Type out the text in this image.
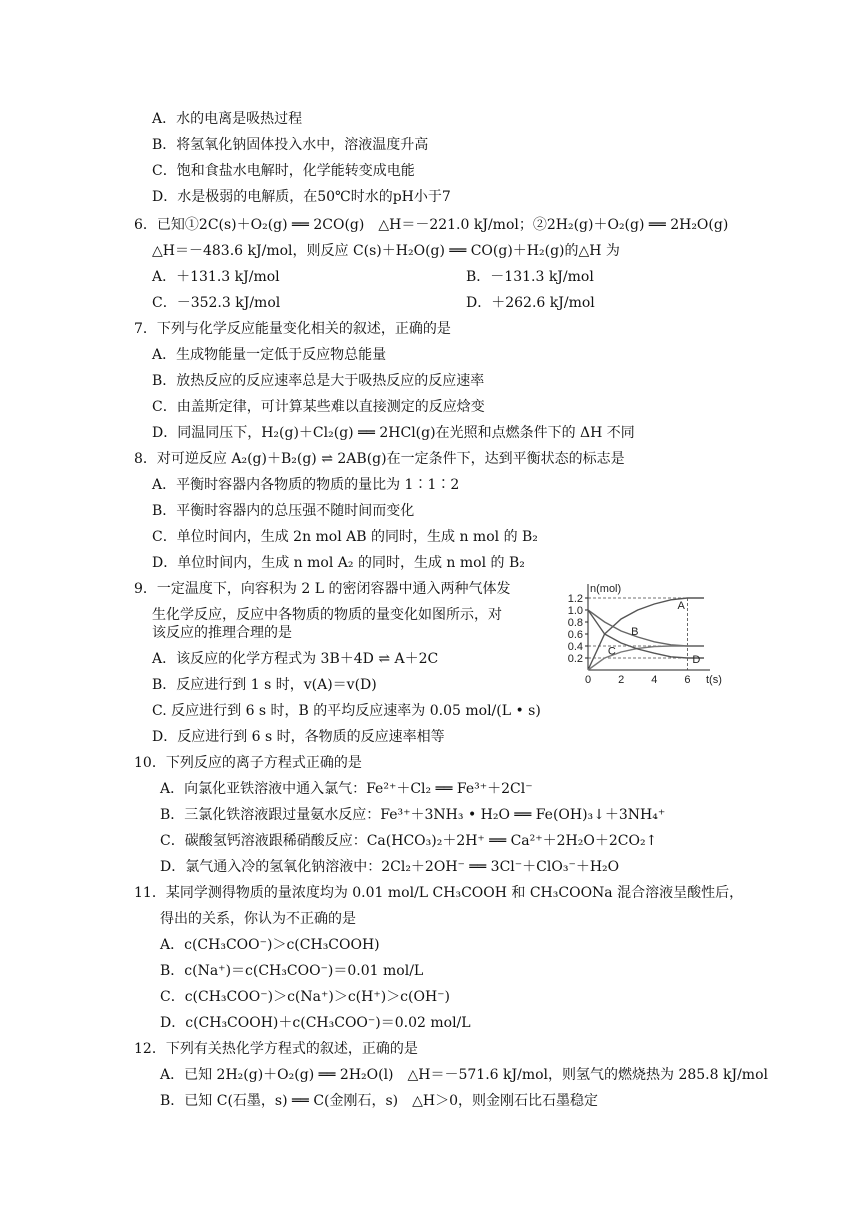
A．水的电离是吸热过程
B．将氢氧化钠固体投入水中，溶液温度升高
C．饱和食盐水电解时，化学能转变成电能
D．水是极弱的电解质，在50℃时水的pH小于7
6．已知①2C(s)＋O₂(g) ══ 2CO(g)　△H＝－221.0 kJ/mol；②2H₂(g)＋O₂(g) ══ 2H₂O(g)
△H＝－483.6 kJ/mol，则反应 C(s)＋H₂O(g) ══ CO(g)＋H₂(g)的△H 为
A．＋131.3 kJ/mol	B．－131.3 kJ/mol
C．－352.3 kJ/mol	D．＋262.6 kJ/mol
7．下列与化学反应能量变化相关的叙述，正确的是
A．生成物能量一定低于反应物总能量
B．放热反应的反应速率总是大于吸热反应的反应速率
C．由盖斯定律，可计算某些难以直接测定的反应焓变
D．同温同压下，H₂(g)＋Cl₂(g) ══ 2HCl(g)在光照和点燃条件下的 ΔH 不同
8．对可逆反应 A₂(g)＋B₂(g) ⇌ 2AB(g)在一定条件下，达到平衡状态的标志是
A．平衡时容器内各物质的物质的量比为 1∶1∶2
B．平衡时容器内的总压强不随时间而变化
C．单位时间内，生成 2n mol AB 的同时，生成 n mol 的 B₂
D．单位时间内，生成 n mol A₂ 的同时，生成 n mol 的 B₂
9．一定温度下，向容积为 2 L 的密闭容器中通入两种气体发
生化学反应，反应中各物质的物质的量变化如图所示，对
该反应的推理合理的是
A．该反应的化学方程式为 3B＋4D ⇌ A＋2C
B．反应进行到 1 s 时，v(A)＝v(D)
C. 反应进行到 6 s 时，B 的平均反应速率为 0.05 mol/(L • s)
D．反应进行到 6 s 时，各物质的反应速率相等
n(mol)
t(s)
1.2
1.0
0.8
0.6
0.4
0.2
0 2 4 6
A
B
C
D
10．下列反应的离子方程式正确的是
A．向氯化亚铁溶液中通入氯气：Fe²⁺＋Cl₂ ══ Fe³⁺＋2Cl⁻
B．三氯化铁溶液跟过量氨水反应：Fe³⁺＋3NH₃ • H₂O ══ Fe(OH)₃↓＋3NH₄⁺
C．碳酸氢钙溶液跟稀硝酸反应：Ca(HCO₃)₂＋2H⁺ ══ Ca²⁺＋2H₂O＋2CO₂↑
D．氯气通入冷的氢氧化钠溶液中：2Cl₂＋2OH⁻ ══ 3Cl⁻＋ClO₃⁻＋H₂O
11．某同学测得物质的量浓度均为 0.01 mol/L CH₃COOH 和 CH₃COONa 混合溶液呈酸性后，
得出的关系，你认为不正确的是
A．c(CH₃COO⁻)＞c(CH₃COOH)
B．c(Na⁺)＝c(CH₃COO⁻)＝0.01 mol/L
C．c(CH₃COO⁻)＞c(Na⁺)＞c(H⁺)＞c(OH⁻)
D．c(CH₃COOH)＋c(CH₃COO⁻)＝0.02 mol/L
12．下列有关热化学方程式的叙述，正确的是
A．已知 2H₂(g)＋O₂(g) ══ 2H₂O(l)　△H＝－571.6 kJ/mol，则氢气的燃烧热为 285.8 kJ/mol
B．已知 C(石墨，s) ══ C(金刚石，s)　△H＞0，则金刚石比石墨稳定
